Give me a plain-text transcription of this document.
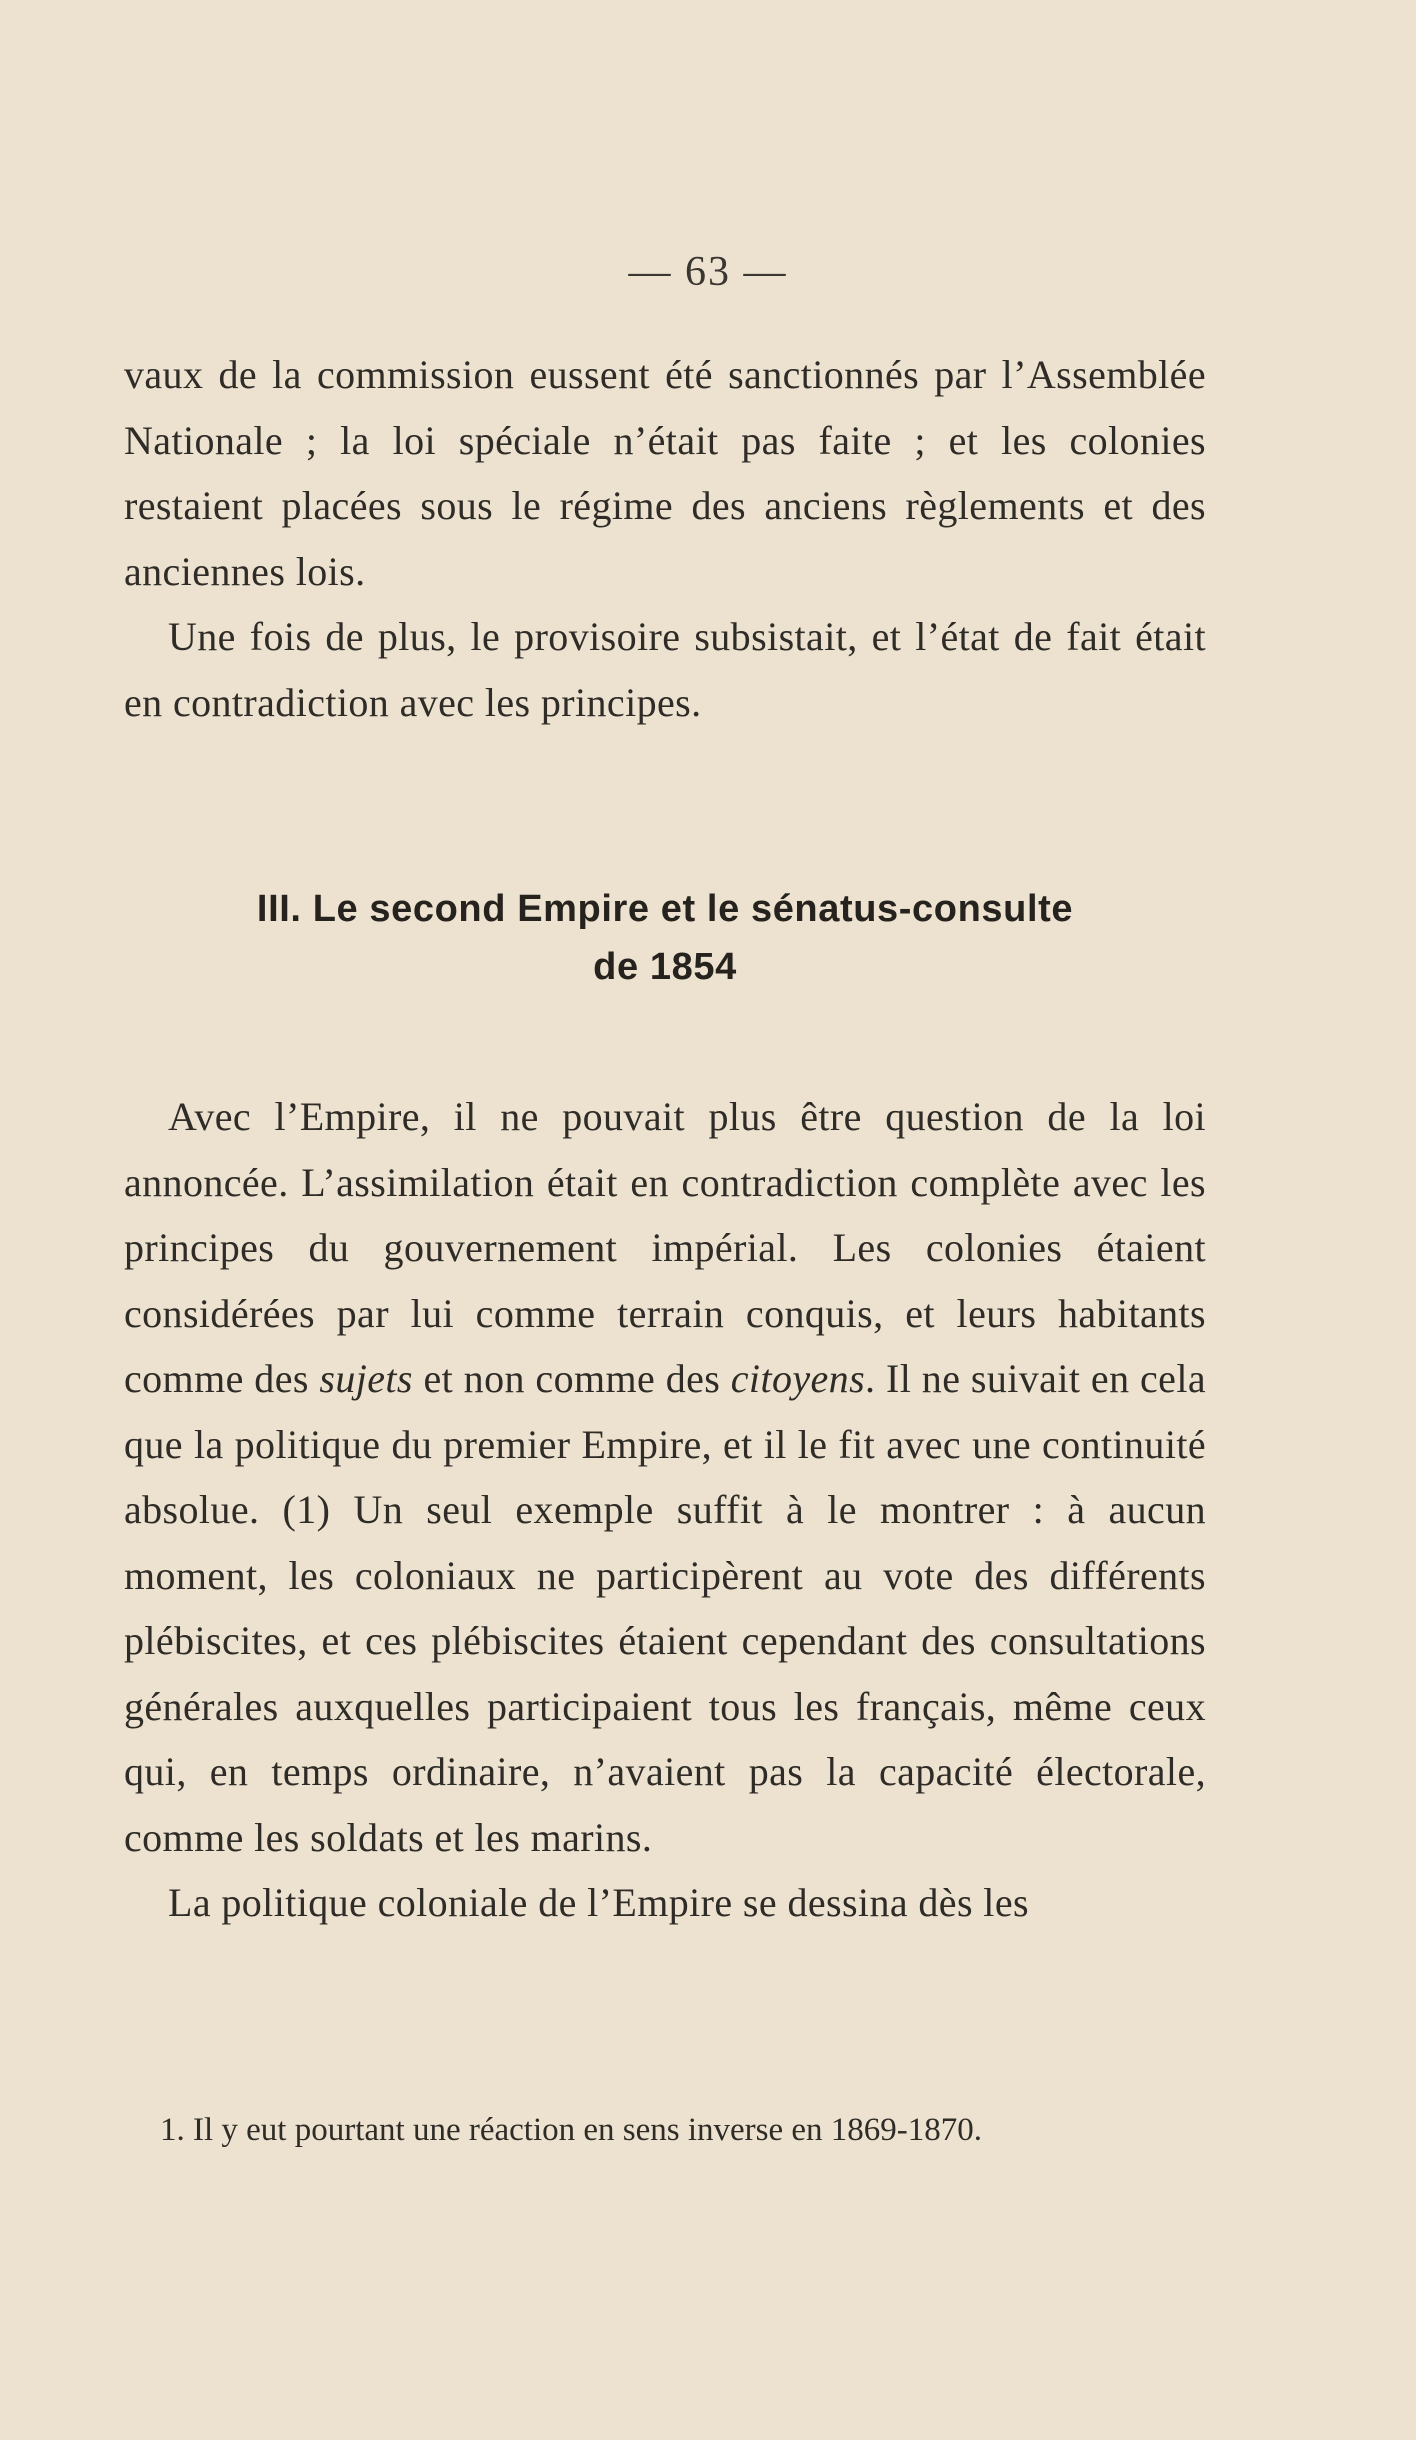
— 63 —

vaux de la commission eussent été sanctionnés par l’Assemblée Nationale ; la loi spéciale n’était pas faite ; et les colonies restaient placées sous le régime des anciens règlements et des anciennes lois.

Une fois de plus, le provisoire subsistait, et l’état de fait était en contradiction avec les principes.

III. Le second Empire et le sénatus-consulte
de 1854

Avec l’Empire, il ne pouvait plus être question de la loi annoncée. L’assimilation était en contradiction complète avec les principes du gouvernement impérial. Les colonies étaient considérées par lui comme terrain conquis, et leurs habitants comme des sujets et non comme des citoyens. Il ne suivait en cela que la politique du premier Empire, et il le fit avec une continuité absolue. (1) Un seul exemple suffit à le montrer : à aucun moment, les coloniaux ne participèrent au vote des différents plébiscites, et ces plébiscites étaient cependant des consultations générales auxquelles participaient tous les français, même ceux qui, en temps ordinaire, n’avaient pas la capacité électorale, comme les soldats et les marins.

La politique coloniale de l’Empire se dessina dès les

1. Il y eut pourtant une réaction en sens inverse en 1869-1870.
